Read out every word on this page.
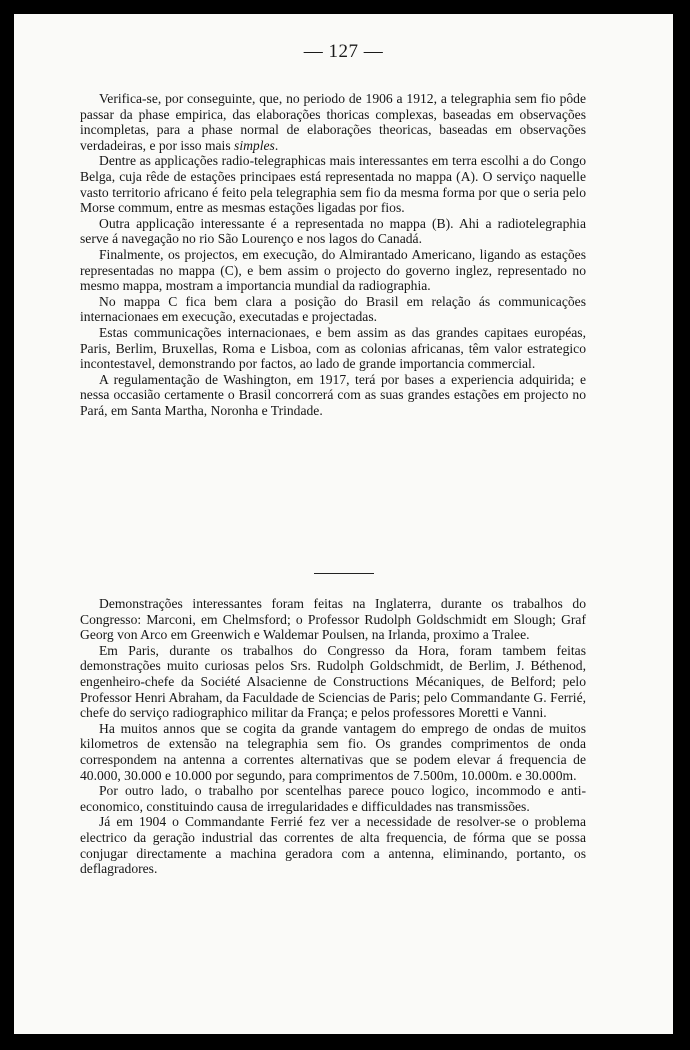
— 127 —

Verifica-se, por conseguinte, que, no periodo de 1906 a 1912, a telegraphia sem fio pôde passar da phase empirica, das elaborações thoricas complexas, baseadas em observações incompletas, para a phase normal de elaborações theoricas, baseadas em observações verdadeiras, e por isso mais simples.

Dentre as applicações radio-telegraphicas mais interessantes em terra escolhi a do Congo Belga, cuja rêde de estações principaes está representada no mappa (A). O serviço naquelle vasto territorio africano é feito pela telegraphia sem fio da mesma forma por que o seria pelo Morse commum, entre as mesmas estações ligadas por fios.

Outra applicação interessante é a representada no mappa (B). Ahi a radiotelegraphia serve á navegação no rio São Lourenço e nos lagos do Canadá.

Finalmente, os projectos, em execução, do Almirantado Americano, ligando as estações representadas no mappa (C), e bem assim o projecto do governo inglez, representado no mesmo mappa, mostram a importancia mundial da radiographia.

No mappa C fica bem clara a posição do Brasil em relação ás communicações internacionaes em execução, executadas e projectadas.

Estas communicações internacionaes, e bem assim as das grandes capitaes européas, Paris, Berlim, Bruxellas, Roma e Lisboa, com as colonias africanas, têm valor estrategico incontestavel, demonstrando por factos, ao lado de grande importancia commercial.

A regulamentação de Washington, em 1917, terá por bases a experiencia adquirida; e nessa occasião certamente o Brasil concorrerá com as suas grandes estações em projecto no Pará, em Santa Martha, Noronha e Trindade.

Demonstrações interessantes foram feitas na Inglaterra, durante os trabalhos do Congresso: Marconi, em Chelmsford; o Professor Rudolph Goldschmidt em Slough; Graf Georg von Arco em Greenwich e Waldemar Poulsen, na Irlanda, proximo a Tralee.

Em Paris, durante os trabalhos do Congresso da Hora, foram tambem feitas demonstrações muito curiosas pelos Srs. Rudolph Goldschmidt, de Berlim, J. Béthenod, engenheiro-chefe da Société Alsacienne de Constructions Mécaniques, de Belford; pelo Professor Henri Abraham, da Faculdade de Sciencias de Paris; pelo Commandante G. Ferrié, chefe do serviço radiographico militar da França; e pelos professores Moretti e Vanni.

Ha muitos annos que se cogita da grande vantagem do emprego de ondas de muitos kilometros de extensão na telegraphia sem fio. Os grandes comprimentos de onda correspondem na antenna a correntes alternativas que se podem elevar á frequencia de 40.000, 30.000 e 10.000 por segundo, para comprimentos de 7.500m, 10.000m. e 30.000m.

Por outro lado, o trabalho por scentelhas parece pouco logico, incommodo e anti-economico, constituindo causa de irregularidades e difficuldades nas transmissões.

Já em 1904 o Commandante Ferrié fez ver a necessidade de resolver-se o problema electrico da geração industrial das correntes de alta frequencia, de fórma que se possa conjugar directamente a machina geradora com a antenna, eliminando, portanto, os deflagradores.
